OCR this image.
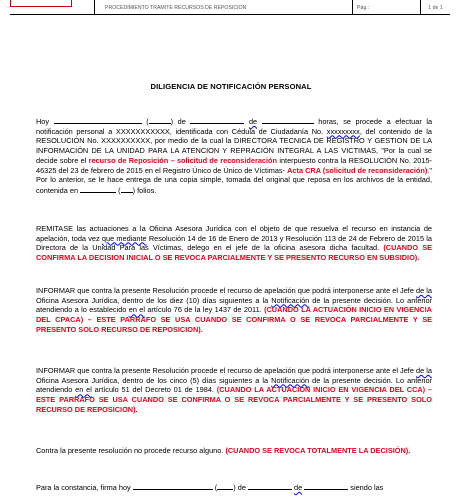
PROCEDIMIENTO TRAMITE RECURSOS DE REPOSICION	Pág.:	1 de 1
DILIGENCIA DE NOTIFICACIÓN PERSONAL

Hoy	(	) de	de	horas, se procede a efectuar la notificación personal a XXXXXXXXXXX, identificada con Cédula de Ciudadanía No. xxxxxxxxx, del contenido de la RESOLUCIÓN No. XXXXXXXXXX, por medio de la cual la DIRECTORA TECNICA DE REGISTRO Y GESTION DE LA INFORMACIÓN DE LA UNIDAD PARA LA ATENCION Y REPRACIÓN INTEGRAL A LAS VICTIMAS, "Por la cual se decide sobre el recurso de Reposición – solicitud de reconsideración interpuesto contra la RESOLUCIÓN No. 2015-46325 del 23 de febrero de 2015 en el Registro Único de Único de Víctimas- Acta CRA (solicitud de reconsideración)." Por lo anterior, se le hace entrega de una copia simple, tomada del original que reposa en los archivos de la entidad, contenida en	( ) folios.

REMITASE las actuaciones a la Oficina Asesora Jurídica con el objeto de que resuelva el recurso en instancia de apelación, toda vez que mediante Resolución 14 de 16 de Enero de 2013 y Resolución 113 de 24 de Febrero de 2015 la Directora de la Unidad Para las Víctimas, delego en el jefe de la oficina asesora dicha facultad. (CUANDO SE CONFIRMA LA DECISION INICIAL O SE REVOCA PARCIALMENTE Y SE PRESENTO RECURSO EN SUBSIDIO).

INFORMAR que contra la presente Resolución procede el recurso de apelación que podrá interponerse ante el Jefe de la Oficina Asesora Jurídica, dentro de los diez (10) días siguientes a la Notificación de la presente decisión. Lo anterior atendiendo a lo establecido en el artículo 76 de la ley 1437 de 2011. (CUANDO LA ACTUACIÓN INICIO EN VIGENCIA DEL CPACA) – ESTE PARRAFO SE USA CUANDO SE CONFIRMA O SE REVOCA PARCIALMENTE Y SE PRESENTO SOLO RECURSO DE REPOSICION).

INFORMAR que contra la presente Resolución procede el recurso de apelación que podrá interponerse ante el Jefe de la Oficina Asesora Jurídica, dentro de los cinco (5) días siguientes a la Notificación de la presente decisión. Lo anterior atendiendo en el artículo 51 del Decreto 01 de 1984. (CUANDO LA ACTUACION INICIO EN VIGENCIA DEL CCA) – ESTE PARRAFO SE USA CUANDO SE CONFIRMA O SE REVOCA PARCIALMENTE Y SE PRESENTO SOLO RECURSO DE REPOSICION).

Contra la presente resolución no procede recurso alguno. (CUANDO SE REVOCA TOTALMENTE LA DECISIÓN).

Para la constancia, firma hoy	( ) de	de	siendo las
